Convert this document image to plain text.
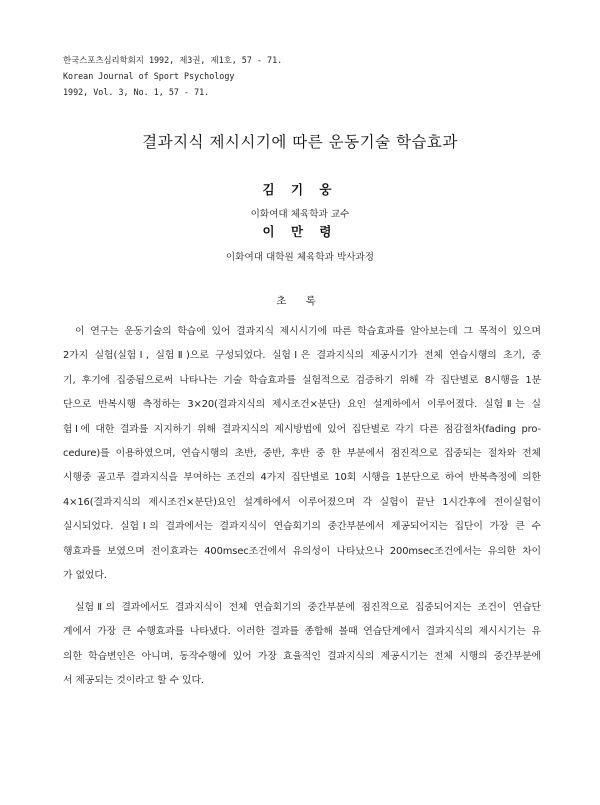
한국스포츠심리학회지 1992, 제3권, 제1호, 57 - 71.
Korean Journal of Sport Psychology
1992, Vol. 3, No. 1, 57 - 71.
결과지식 제시시기에 따른 운동기술 학습효과
김 기 웅
이화여대 체육학과 교수
이 만 령
이화여대 대학원 체육학과 박사과정
초 록
이 연구는 운동기술의 학습에 있어 결과지식 제시시기에 따른 학습효과를 알아보는데 그 목적이 있으며
2가지 실험(실험Ⅰ, 실험Ⅱ)으로 구성되었다. 실험Ⅰ은 결과지식의 제공시기가 전체 연습시행의 초기, 중
기, 후기에 집중됨으로써 나타나는 기술 학습효과를 실험적으로 검증하기 위해 각 집단별로 8시행을 1분
단으로 반복시행 측정하는 3×20(결과지식의 제시조건×분단) 요인 설계하에서 이루어졌다. 실험Ⅱ는 실
험Ⅰ에 대한 결과를 지지하기 위해 결과지식의 제시방법에 있어 집단별로 각기 다른 점감절차(fading pro-
cedure)를 이용하였으며, 연습시행의 초반, 중반, 후반 중 한 부분에서 점진적으로 집중되는 절차와 전체
시행중 골고루 결과지식을 부여하는 조건의 4가지 집단별로 10회 시행을 1분단으로 하여 반복측정에 의한
4×16(결과지식의 제시조건×분단)요인 설계하에서 이루어졌으며 각 실험이 끝난 1시간후에 전이실험이
실시되었다. 실험Ⅰ의 결과에서는 결과지식이 연습회기의 중간부분에서 제공되어지는 집단이 가장 큰 수
행효과를 보였으며 전이효과는 400msec조건에서 유의성이 나타났으나 200msec조건에서는 유의한 차이
가 없었다.
실험Ⅱ의 결과에서도 결과지식이 전체 연습회기의 중간부분에 점진적으로 집중되어지는 조건이 연습단
계에서 가장 큰 수행효과를 나타냈다. 이러한 결과를 종합해 볼때 연습단계에서 결과지식의 제시시기는 유
의한 학습변인은 아니며, 동작수행에 있어 가장 효율적인 결과지식의 제공시기는 전체 시행의 중간부분에
서 제공되는 것이라고 할 수 있다.
